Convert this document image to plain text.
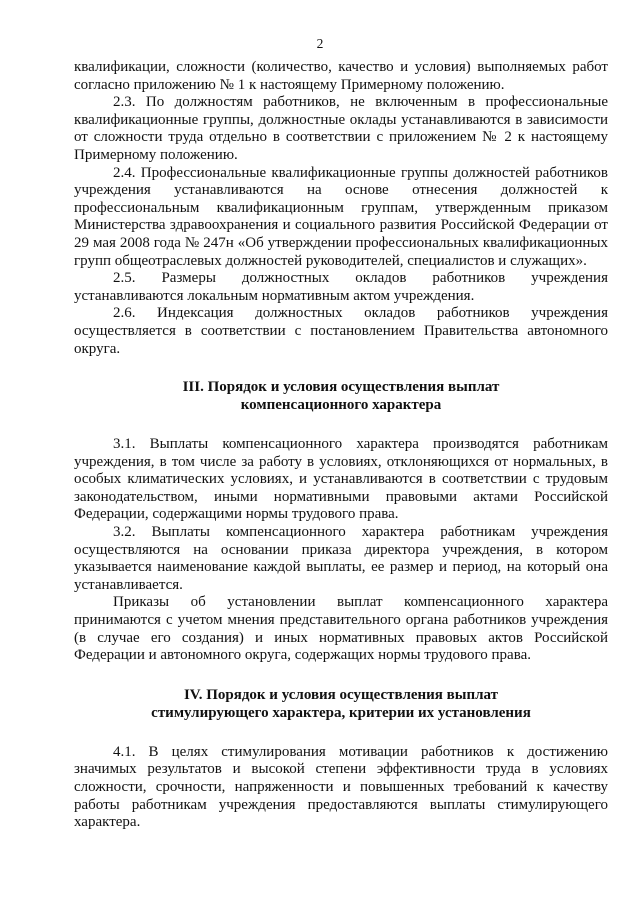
2

квалификации, сложности (количество, качество и условия) выполняемых работ согласно приложению № 1 к настоящему Примерному положению.

2.3. По должностям работников, не включенным в профессиональные квалификационные группы, должностные оклады устанавливаются в зависимости от сложности труда отдельно в соответствии с приложением № 2 к настоящему Примерному положению.

2.4. Профессиональные квалификационные группы должностей работников учреждения устанавливаются на основе отнесения должностей к профессиональным квалификационным группам, утвержденным приказом Министерства здравоохранения и социального развития Российской Федерации от 29 мая 2008 года № 247н «Об утверждении профессиональных квалификационных групп общеотраслевых должностей руководителей, специалистов и служащих».

2.5. Размеры должностных окладов работников учреждения устанавливаются локальным нормативным актом учреждения.

2.6. Индексация должностных окладов работников учреждения осуществляется в соответствии с постановлением Правительства автономного округа.

III. Порядок и условия осуществления выплат
компенсационного характера

3.1. Выплаты компенсационного характера производятся работникам учреждения, в том числе за работу в условиях, отклоняющихся от нормальных, в особых климатических условиях, и устанавливаются в соответствии с трудовым законодательством, иными нормативными правовыми актами Российской Федерации, содержащими нормы трудового права.

3.2. Выплаты компенсационного характера работникам учреждения осуществляются на основании приказа директора учреждения, в котором указывается наименование каждой выплаты, ее размер и период, на который она устанавливается.

Приказы об установлении выплат компенсационного характера принимаются с учетом мнения представительного органа работников учреждения (в случае его создания) и иных нормативных правовых актов Российской Федерации и автономного округа, содержащих нормы трудового права.

IV. Порядок и условия осуществления выплат
стимулирующего характера, критерии их установления

4.1. В целях стимулирования мотивации работников к достижению значимых результатов и высокой степени эффективности труда в условиях сложности, срочности, напряженности и повышенных требований к качеству работы работникам учреждения предоставляются выплаты стимулирующего характера.
